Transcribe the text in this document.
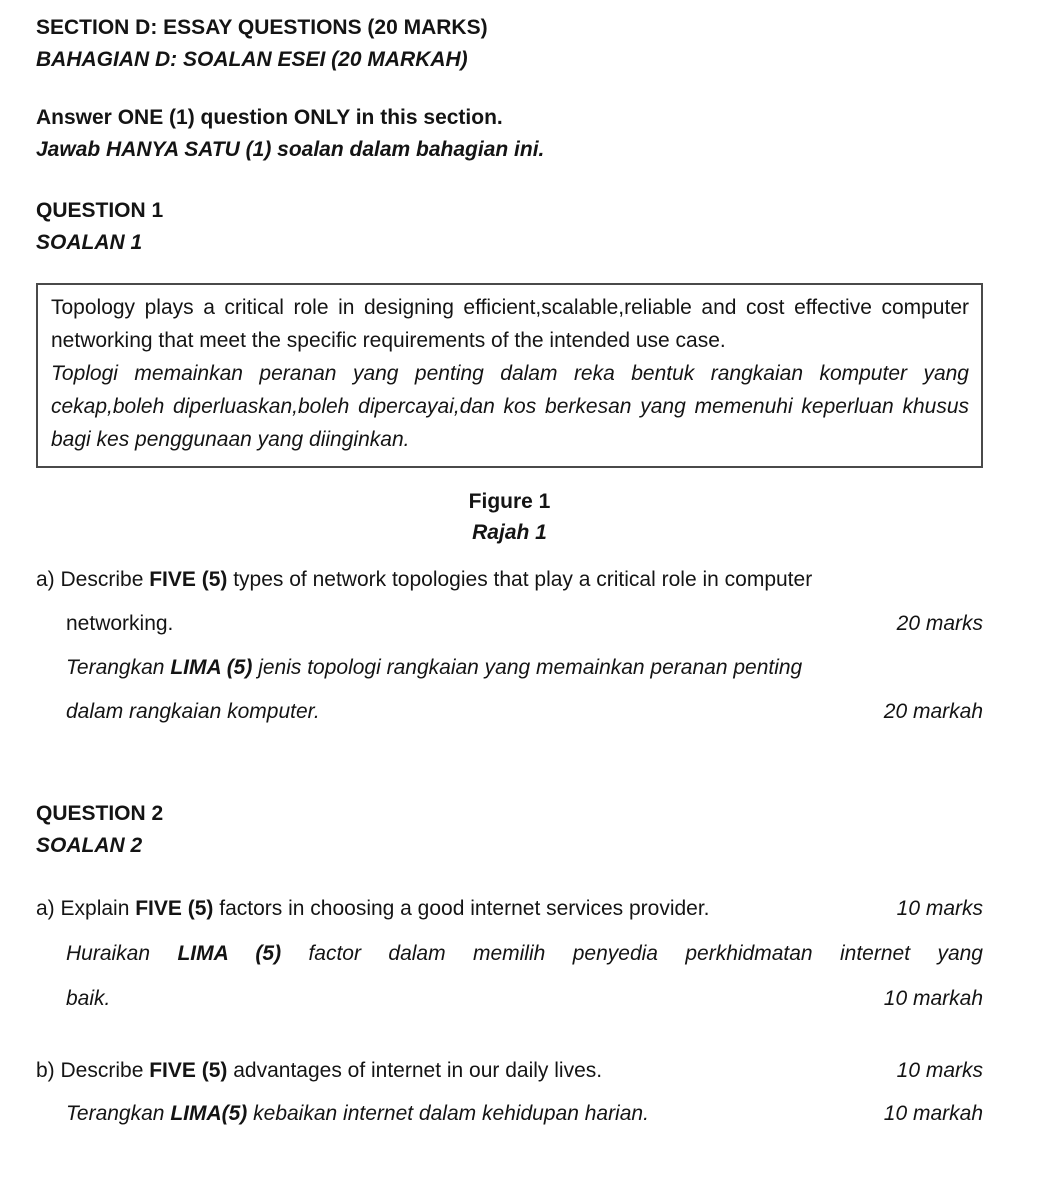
SECTION D: ESSAY QUESTIONS (20 MARKS)
BAHAGIAN D: SOALAN ESEI (20 MARKAH)
Answer ONE (1) question ONLY in this section.
Jawab HANYA SATU (1) soalan dalam bahagian ini.
QUESTION 1
SOALAN 1

Topology plays a critical role in designing efficient,scalable,reliable and cost effective computer networking that meet the specific requirements of the intended use case.

Toplogi memainkan peranan yang penting dalam reka bentuk rangkaian komputer yang cekap,boleh diperluaskan,boleh dipercayai,dan kos berkesan yang memenuhi keperluan khusus bagi kes penggunaan yang diinginkan.

Figure 1
Rajah 1

a) Describe FIVE (5) types of network topologies that play a critical role in computer

networking.	20 marks

Terangkan LIMA (5) jenis topologi rangkaian yang memainkan peranan penting

dalam rangkaian komputer.	20 markah

QUESTION 2
SOALAN 2

a) Explain FIVE (5) factors in choosing a good internet services provider.	10 marks

Huraikan LIMA (5) factor dalam memilih penyedia perkhidmatan internet yang

baik.	10 markah

b) Describe FIVE (5) advantages of internet in our daily lives.	10 marks

Terangkan LIMA(5) kebaikan internet dalam kehidupan harian.	10 markah
